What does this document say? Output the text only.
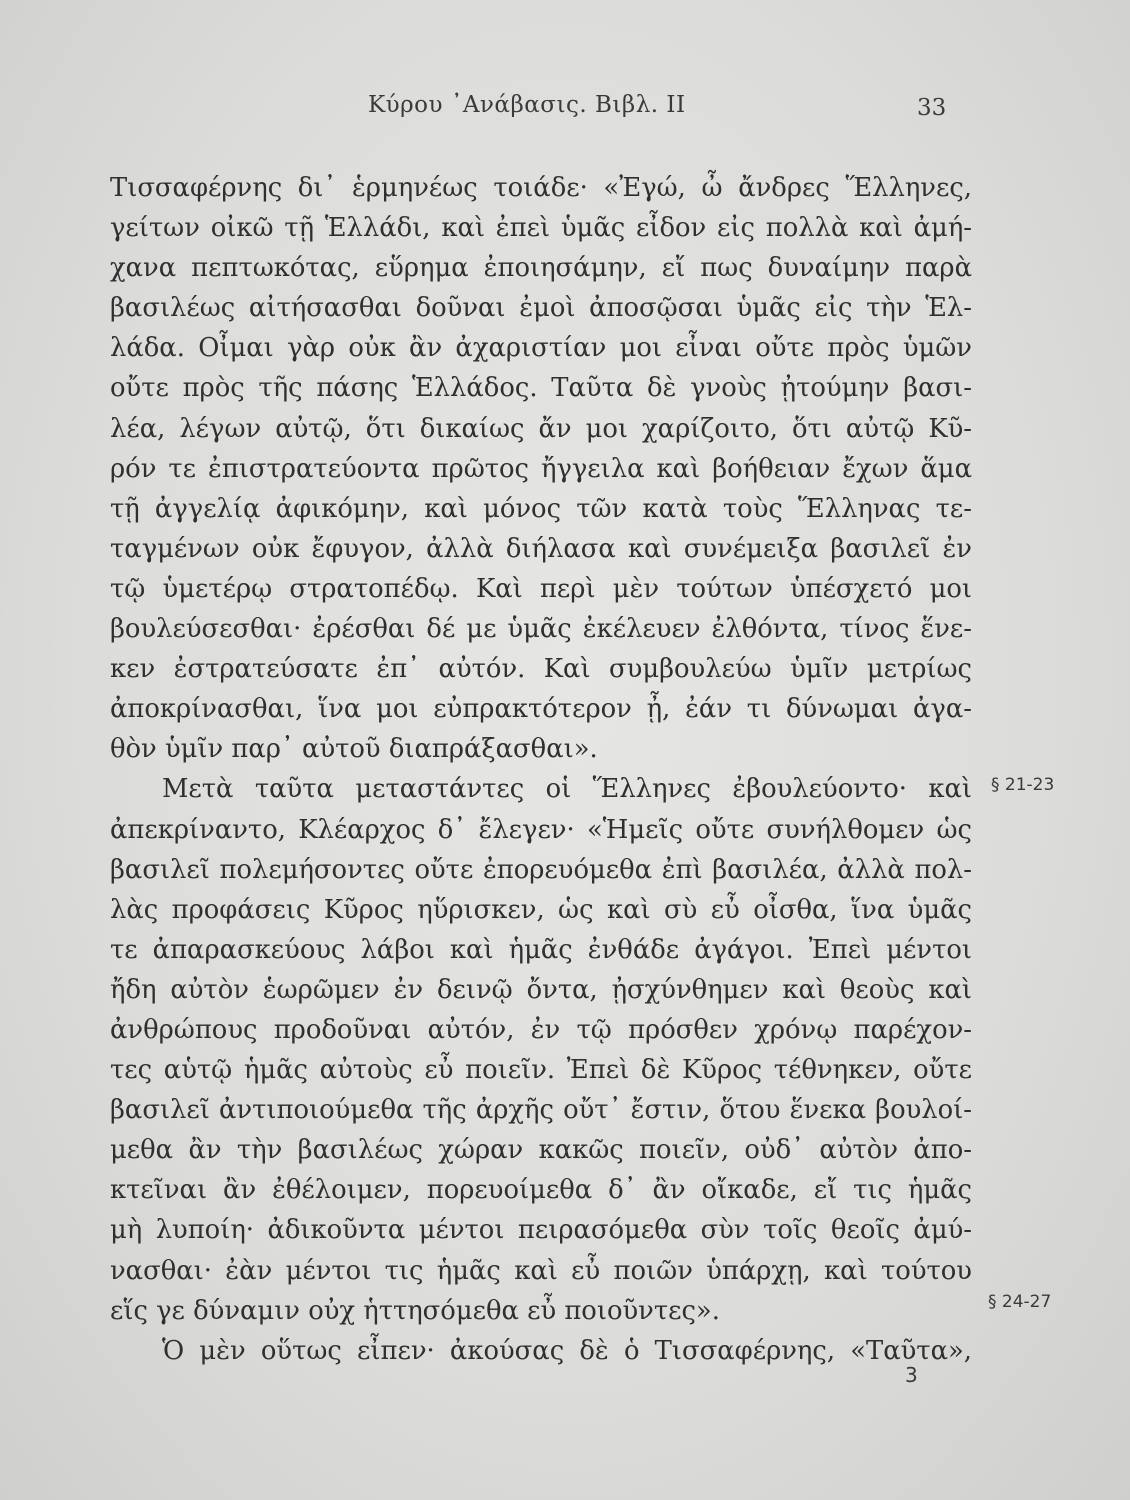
Κύρου ᾿Ανάβασις. Βιβλ. II	33
Τισσαφέρνης δι᾿ ἑρμηνέως τοιάδε· «Ἐγώ, ὦ ἄνδρες Ἕλληνες,
γείτων οἰκῶ τῇ Ἑλλάδι, καὶ ἐπεὶ ὑμᾶς εἶδον εἰς πολλὰ καὶ ἀμή-
χανα πεπτωκότας, εὕρημα ἐποιησάμην, εἴ πως δυναίμην παρὰ
βασιλέως αἰτήσασθαι δοῦναι ἐμοὶ ἀποσῷσαι ὑμᾶς εἰς τὴν Ἑλ-
λάδα. Οἶμαι γὰρ οὐκ ἂν ἀχαριστίαν μοι εἶναι οὔτε πρὸς ὑμῶν
οὔτε πρὸς τῆς πάσης Ἑλλάδος. Ταῦτα δὲ γνοὺς ᾐτούμην βασι-
λέα, λέγων αὐτῷ, ὅτι δικαίως ἄν μοι χαρίζοιτο, ὅτι αὐτῷ Κῦ-
ρόν τε ἐπιστρατεύοντα πρῶτος ἤγγειλα καὶ βοήθειαν ἔχων ἅμα
τῇ ἀγγελίᾳ ἀφικόμην, καὶ μόνος τῶν κατὰ τοὺς Ἕλληνας τε-
ταγμένων οὐκ ἔφυγον, ἀλλὰ διήλασα καὶ συνέμειξα βασιλεῖ ἐν
τῷ ὑμετέρῳ στρατοπέδῳ. Καὶ περὶ μὲν τούτων ὑπέσχετό μοι
βουλεύσεσθαι· ἐρέσθαι δέ με ὑμᾶς ἐκέλευεν ἐλθόντα, τίνος ἕνε-
κεν ἐστρατεύσατε ἐπ᾿ αὐτόν. Καὶ συμβουλεύω ὑμῖν μετρίως
ἀποκρίνασθαι, ἵνα μοι εὐπρακτότερον ᾖ, ἐάν τι δύνωμαι ἀγα-
θὸν ὑμῖν παρ᾿ αὐτοῦ διαπράξασθαι».
Μετὰ ταῦτα μεταστάντες οἱ Ἕλληνες ἐβουλεύοντο· καὶ
ἀπεκρίναντο, Κλέαρχος δ᾿ ἔλεγεν· «Ἡμεῖς οὔτε συνήλθομεν ὡς
βασιλεῖ πολεμήσοντες οὔτε ἐπορευόμεθα ἐπὶ βασιλέα, ἀλλὰ πολ-
λὰς προφάσεις Κῦρος ηὕρισκεν, ὡς καὶ σὺ εὖ οἶσθα, ἵνα ὑμᾶς
τε ἀπαρασκεύους λάβοι καὶ ἡμᾶς ἐνθάδε ἀγάγοι. Ἐπεὶ μέντοι
ἤδη αὐτὸν ἑωρῶμεν ἐν δεινῷ ὄντα, ᾐσχύνθημεν καὶ θεοὺς καὶ
ἀνθρώπους προδοῦναι αὐτόν, ἐν τῷ πρόσθεν χρόνῳ παρέχον-
τες αὑτῷ ἡμᾶς αὐτοὺς εὖ ποιεῖν. Ἐπεὶ δὲ Κῦρος τέθνηκεν, οὔτε
βασιλεῖ ἀντιποιούμεθα τῆς ἀρχῆς οὔτ᾿ ἔστιν, ὅτου ἕνεκα βουλοί-
μεθα ἂν τὴν βασιλέως χώραν κακῶς ποιεῖν, οὐδ᾿ αὐτὸν ἀπο-
κτεῖναι ἂν ἐθέλοιμεν, πορευοίμεθα δ᾿ ἂν οἴκαδε, εἴ τις ἡμᾶς
μὴ λυποίη· ἀδικοῦντα μέντοι πειρασόμεθα σὺν τοῖς θεοῖς ἀμύ-
νασθαι· ἐὰν μέντοι τις ἡμᾶς καὶ εὖ ποιῶν ὑπάρχῃ, καὶ τούτου
εἵς γε δύναμιν οὐχ ἡττησόμεθα εὖ ποιοῦντες».
Ὁ μὲν οὕτως εἶπεν· ἀκούσας δὲ ὁ Τισσαφέρνης, «Ταῦτα»,
§ 21-23
§ 24-27
3
